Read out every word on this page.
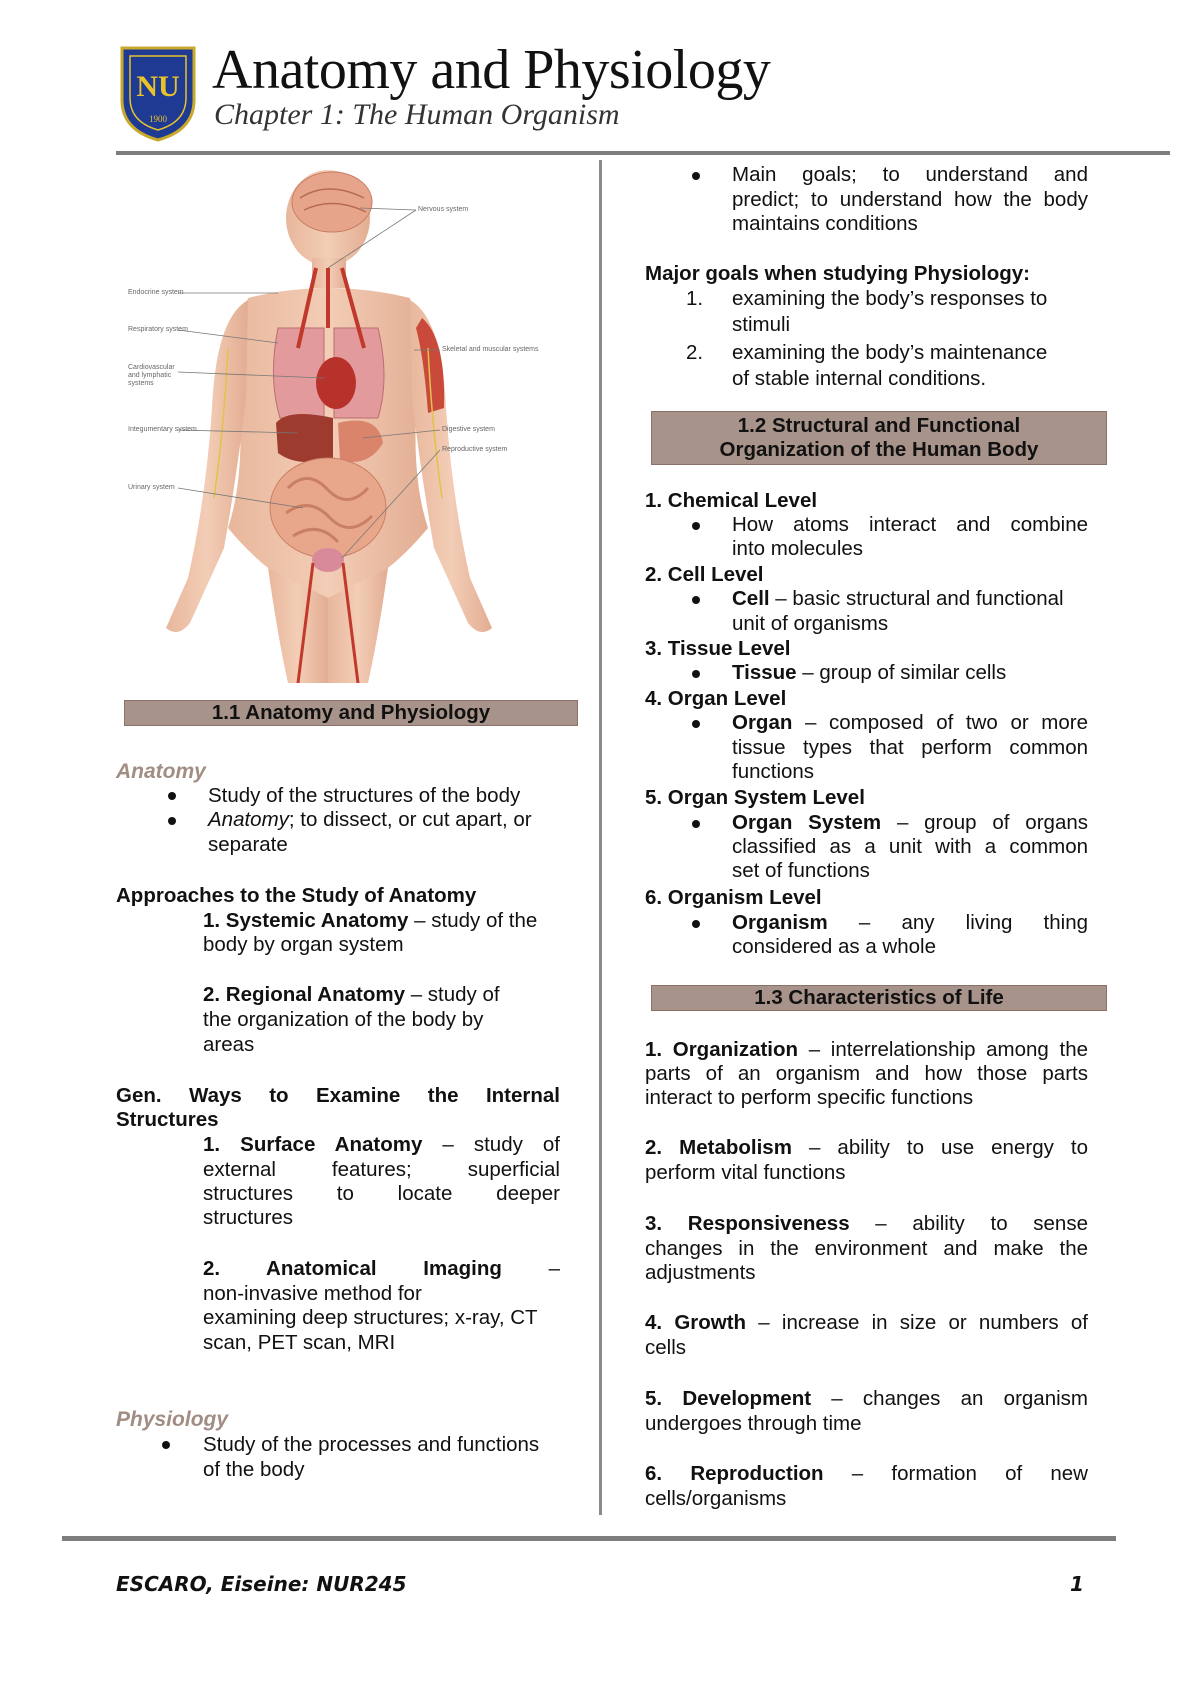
NU
1900
Anatomy and Physiology
Chapter 1: The Human Organism
Nervous system
Endocrine system
Respiratory system
Cardiovascular and lymphatic systems
Integumentary system
Urinary system
Skeletal and muscular systems
Digestive system
Reproductive system
1.1 Anatomy and Physiology
Anatomy
Study of the structures of the body
Anatomy; to dissect, or cut apart, or
separate
Approaches to the Study of Anatomy
1. Systemic Anatomy – study of the
body by organ system
2. Regional Anatomy – study of
the organization of the body by
areas
Gen. Ways to Examine the Internal
Structures
1. Surface Anatomy – study of
external features; superficial
structures to locate deeper
structures
2. Anatomical Imaging –
non-invasive method for
examining deep structures; x-ray, CT
scan, PET scan, MRI
Physiology
Study of the processes and functions
of the body
Main goals; to understand and
predict; to understand how the body
maintains conditions
Major goals when studying Physiology:
1. examining the body’s responses to
stimuli
2. examining the body’s maintenance
of stable internal conditions.
1.2 Structural and Functional
Organization of the Human Body
1. Chemical Level
How atoms interact and combine
into molecules
2. Cell Level
Cell – basic structural and functional
unit of organisms
3. Tissue Level
Tissue – group of similar cells
4. Organ Level
Organ – composed of two or more
tissue types that perform common
functions
5. Organ System Level
Organ System – group of organs
classified as a unit with a common
set of functions
6. Organism Level
Organism – any living thing
considered as a whole
1.3 Characteristics of Life
1. Organization – interrelationship among the
parts of an organism and how those parts
interact to perform specific functions
2. Metabolism – ability to use energy to
perform vital functions
3. Responsiveness – ability to sense
changes in the environment and make the
adjustments
4. Growth – increase in size or numbers of
cells
5. Development – changes an organism
undergoes through time
6. Reproduction – formation of new
cells/organisms
ESCARO, Eiseine: NUR245	1
